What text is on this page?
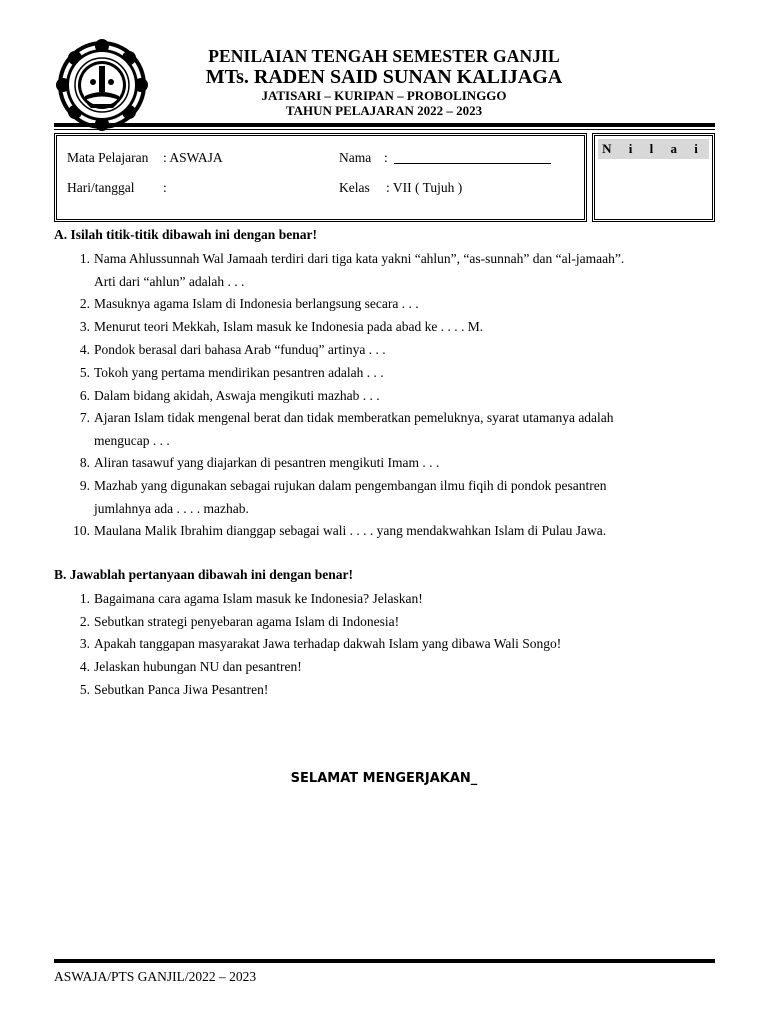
PENILAIAN TENGAH SEMESTER GANJIL
MTs. RADEN SAID SUNAN KALIJAGA
JATISARI – KURIPAN – PROBOLINGGO
TAHUN PELAJARAN 2022 – 2023
Mata Pelajaran : ASWAJA
Hari/tanggal :
Nama :
Kelas : VII ( Tujuh )
N i l a i
A. Isilah titik-titik dibawah ini dengan benar!
1. Nama Ahlussunnah Wal Jamaah terdiri dari tiga kata yakni “ahlun”, “as-sunnah” dan “al-jamaah”.
Arti dari “ahlun” adalah . . .
2. Masuknya agama Islam di Indonesia berlangsung secara . . .
3. Menurut teori Mekkah, Islam masuk ke Indonesia pada abad ke . . . . M.
4. Pondok berasal dari bahasa Arab “funduq” artinya . . .
5. Tokoh yang pertama mendirikan pesantren adalah . . .
6. Dalam bidang akidah, Aswaja mengikuti mazhab . . .
7. Ajaran Islam tidak mengenal berat dan tidak memberatkan pemeluknya, syarat utamanya adalah
mengucap . . .
8. Aliran tasawuf yang diajarkan di pesantren mengikuti Imam . . .
9. Mazhab yang digunakan sebagai rujukan dalam pengembangan ilmu fiqih di pondok pesantren
jumlahnya ada . . . . mazhab.
10. Maulana Malik Ibrahim dianggap sebagai wali . . . . yang mendakwahkan Islam di Pulau Jawa.
B. Jawablah pertanyaan dibawah ini dengan benar!
1. Bagaimana cara agama Islam masuk ke Indonesia? Jelaskan!
2. Sebutkan strategi penyebaran agama Islam di Indonesia!
3. Apakah tanggapan masyarakat Jawa terhadap dakwah Islam yang dibawa Wali Songo!
4. Jelaskan hubungan NU dan pesantren!
5. Sebutkan Panca Jiwa Pesantren!
SELAMAT MENGERJAKAN_
ASWAJA/PTS GANJIL/2022 – 2023
